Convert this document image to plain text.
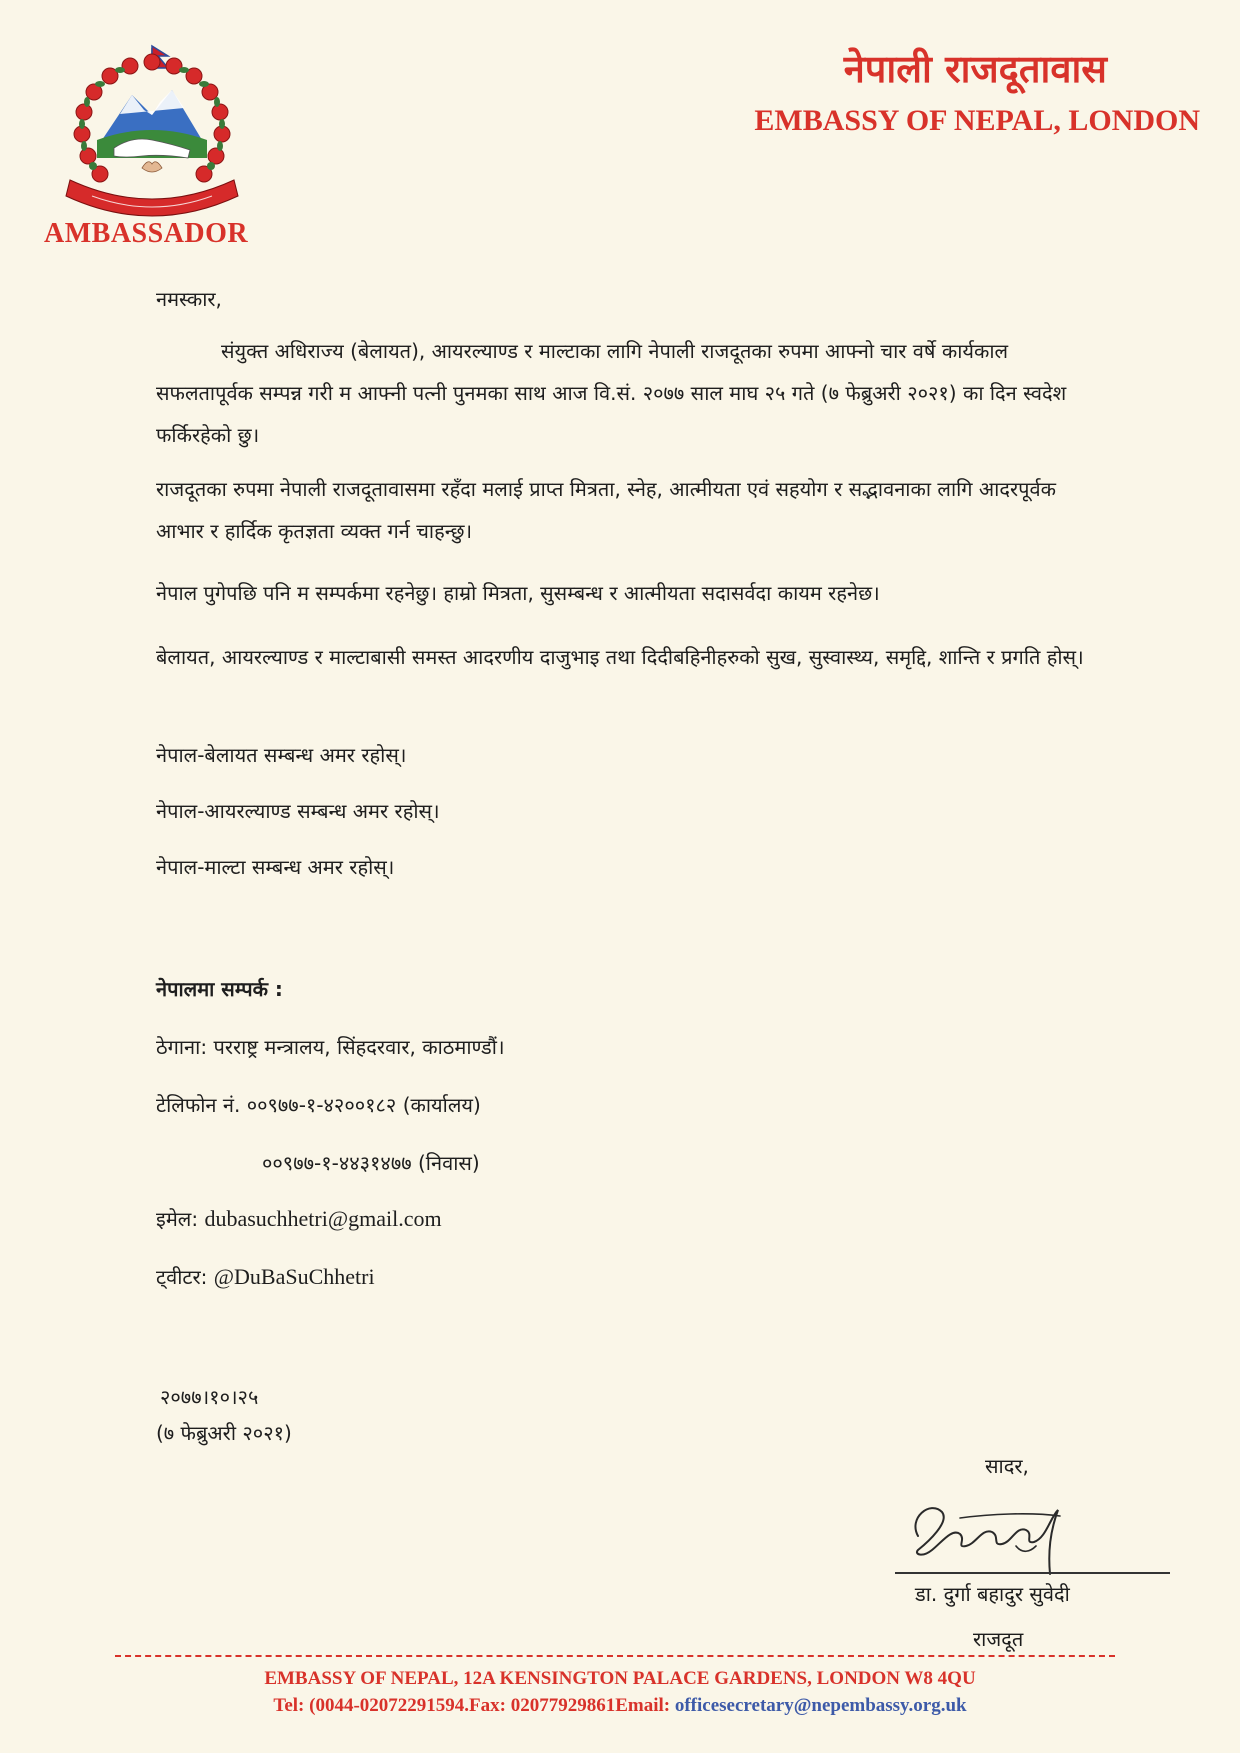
AMBASSADOR
नेपाली राजदूतावास
EMBASSY OF NEPAL, LONDON
नमस्कार,
संयुक्त अधिराज्य (बेलायत), आयरल्याण्ड र माल्टाका लागि नेपाली राजदूतका रुपमा आफ्नो चार वर्षे कार्यकाल सफलतापूर्वक सम्पन्न गरी म आफ्नी पत्नी पुनमका साथ आज वि.सं. २०७७ साल माघ २५ गते (७ फेब्रुअरी २०२१) का दिन स्वदेश फर्किरहेको छु।
राजदूतका रुपमा नेपाली राजदूतावासमा रहँदा मलाई प्राप्त मित्रता, स्नेह, आत्मीयता एवं सहयोग र सद्भावनाका लागि आदरपूर्वक आभार र हार्दिक कृतज्ञता व्यक्त गर्न चाहन्छु।
नेपाल पुगेपछि पनि म सम्पर्कमा रहनेछु। हाम्रो मित्रता, सुसम्बन्ध र आत्मीयता सदासर्वदा कायम रहनेछ।
बेलायत, आयरल्याण्ड र माल्टाबासी समस्त आदरणीय दाजुभाइ तथा दिदीबहिनीहरुको सुख, सुस्वास्थ्य, समृद्दि, शान्ति र प्रगति होस्।
नेपाल-बेलायत सम्बन्ध अमर रहोस्।
नेपाल-आयरल्याण्ड सम्बन्ध अमर रहोस्।
नेपाल-माल्टा सम्बन्ध अमर रहोस्।
नेपालमा सम्पर्क :
ठेगाना: परराष्ट्र मन्त्रालय, सिंहदरवार, काठमाण्डौं।
टेलिफोन नं. ००९७७-१-४२००१८२ (कार्यालय)
००९७७-१-४४३१४७७ (निवास)
इमेल: dubasuchhetri@gmail.com
ट्वीटर: @DuBaSuChhetri
२०७७।१०।२५
(७ फेब्रुअरी २०२१)
सादर,
डा. दुर्गा बहादुर सुवेदी
राजदूत
EMBASSY OF NEPAL, 12A KENSINGTON PALACE GARDENS, LONDON W8 4QU
Tel: (0044-02072291594.Fax: 02077929861Email: officesecretary@nepembassy.org.uk
